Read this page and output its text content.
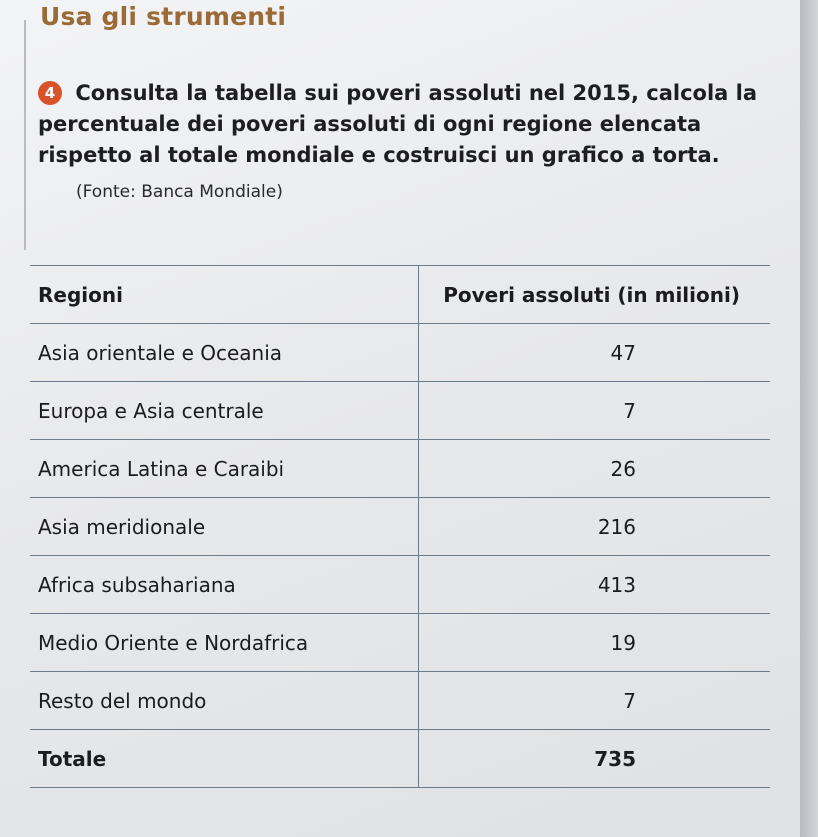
Usa gli strumenti
4 Consulta la tabella sui poveri assoluti nel 2015, calcola la percentuale dei poveri assoluti di ogni regione elencata rispetto al totale mondiale e costruisci un grafico a torta.
(Fonte: Banca Mondiale)
Regioni	Poveri assoluti (in milioni)
Asia orientale e Oceania	47
Europa e Asia centrale	7
America Latina e Caraibi	26
Asia meridionale	216
Africa subsahariana	413
Medio Oriente e Nordafrica	19
Resto del mondo	7
Totale	735
